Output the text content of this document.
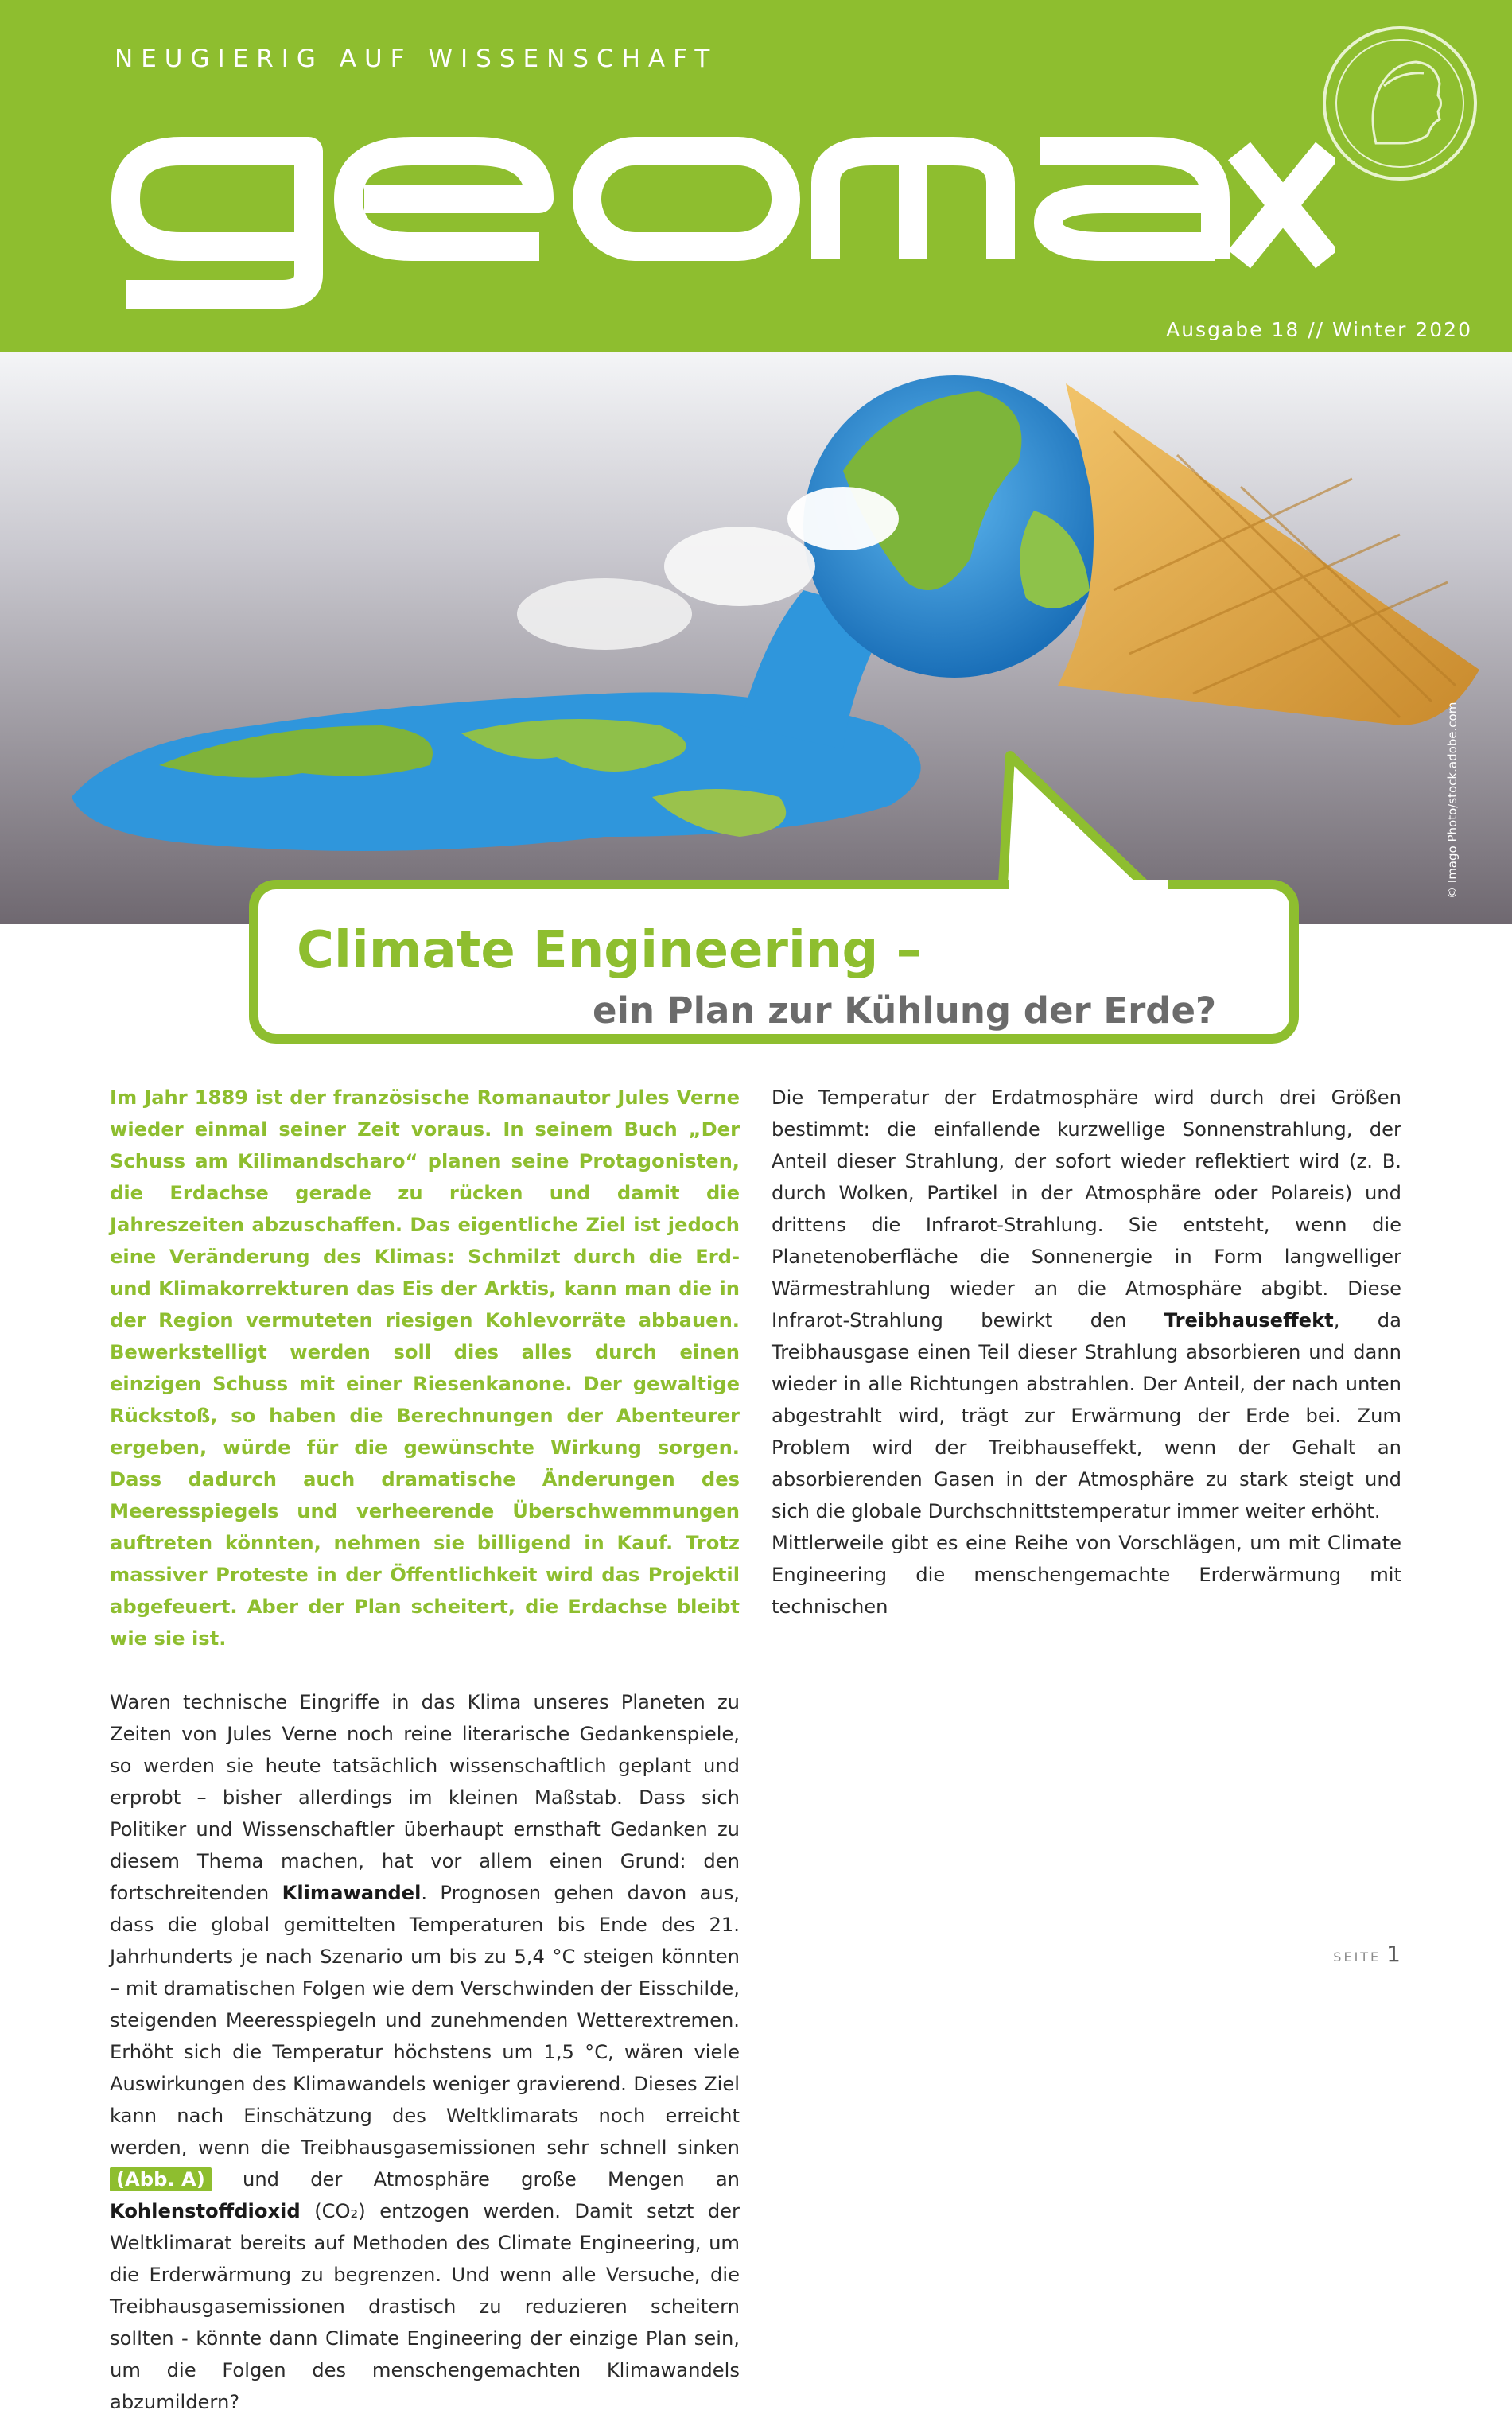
NEUGIERIG AUF WISSENSCHAFT

Ausgabe 18 // Winter 2020

© Imago Photo/stock.adobe.com

Climate Engineering –
ein Plan zur Kühlung der Erde?

Im Jahr 1889 ist der französische Romanautor Jules Verne wieder einmal seiner Zeit voraus. In seinem Buch „Der Schuss am Kilimandscharo“ planen seine Protagonisten, die Erdachse gerade zu rücken und damit die Jahreszeiten abzuschaffen. Das eigentliche Ziel ist jedoch eine Veränderung des Klimas: Schmilzt durch die Erd- und Klimakorrekturen das Eis der Arktis, kann man die in der Region vermuteten riesigen Kohlevorräte abbauen. Bewerkstelligt werden soll dies alles durch einen einzigen Schuss mit einer Riesenkanone. Der gewaltige Rückstoß, so haben die Berechnungen der Abenteurer ergeben, würde für die gewünschte Wirkung sorgen. Dass dadurch auch dramatische Änderungen des Meeresspiegels und verheerende Überschwemmungen auftreten könnten, nehmen sie billigend in Kauf. Trotz massiver Proteste in der Öffentlichkeit wird das Projektil abgefeuert. Aber der Plan scheitert, die Erdachse bleibt wie sie ist.

Waren technische Eingriffe in das Klima unseres Planeten zu Zeiten von Jules Verne noch reine literarische Gedankenspiele, so werden sie heute tatsächlich wissenschaftlich geplant und erprobt – bisher allerdings im kleinen Maßstab. Dass sich Politiker und Wissenschaftler überhaupt ernsthaft Gedanken zu diesem Thema machen, hat vor allem einen Grund: den fortschreitenden Klimawandel. Prognosen gehen davon aus, dass die global gemittelten Temperaturen bis Ende des 21. Jahrhunderts je nach Szenario um bis zu 5,4 °C steigen könnten – mit dramatischen Folgen wie dem Verschwinden der Eisschilde, steigenden Meeresspiegeln und zunehmenden Wetterextremen. Erhöht sich die Temperatur höchstens um 1,5 °C, wären viele Auswirkungen des Klimawandels weniger gravierend. Dieses Ziel kann nach Einschätzung des Weltklimarats noch erreicht werden, wenn die Treibhausgasemissionen sehr schnell sinken (Abb. A) und der Atmosphäre große Mengen an Kohlenstoffdioxid (CO₂) entzogen werden. Damit setzt der Weltklimarat bereits auf Methoden des Climate Engineering, um die Erderwärmung zu begrenzen. Und wenn alle Versuche, die Treibhausgasemissionen drastisch zu reduzieren scheitern sollten - könnte dann Climate Engineering der einzige Plan sein, um die Folgen des menschengemachten Klimawandels abzumildern?

Die Temperatur der Erdatmosphäre wird durch drei Größen bestimmt: die einfallende kurzwellige Sonnenstrahlung, der Anteil dieser Strahlung, der sofort wieder reflektiert wird (z. B. durch Wolken, Partikel in der Atmosphäre oder Polareis) und drittens die Infrarot-Strahlung. Sie entsteht, wenn die Planetenoberfläche die Sonnenergie in Form langwelliger Wärmestrahlung wieder an die Atmosphäre abgibt. Diese Infrarot-Strahlung bewirkt den Treibhauseffekt, da Treibhausgase einen Teil dieser Strahlung absorbieren und dann wieder in alle Richtungen abstrahlen. Der Anteil, der nach unten abgestrahlt wird, trägt zur Erwärmung der Erde bei. Zum Problem wird der Treibhauseffekt, wenn der Gehalt an absorbierenden Gasen in der Atmosphäre zu stark steigt und sich die globale Durchschnittstemperatur immer weiter erhöht.

Mittlerweile gibt es eine Reihe von Vorschlägen, um mit Climate Engineering die menschengemachte Erderwärmung mit technischen

SEITE 1
